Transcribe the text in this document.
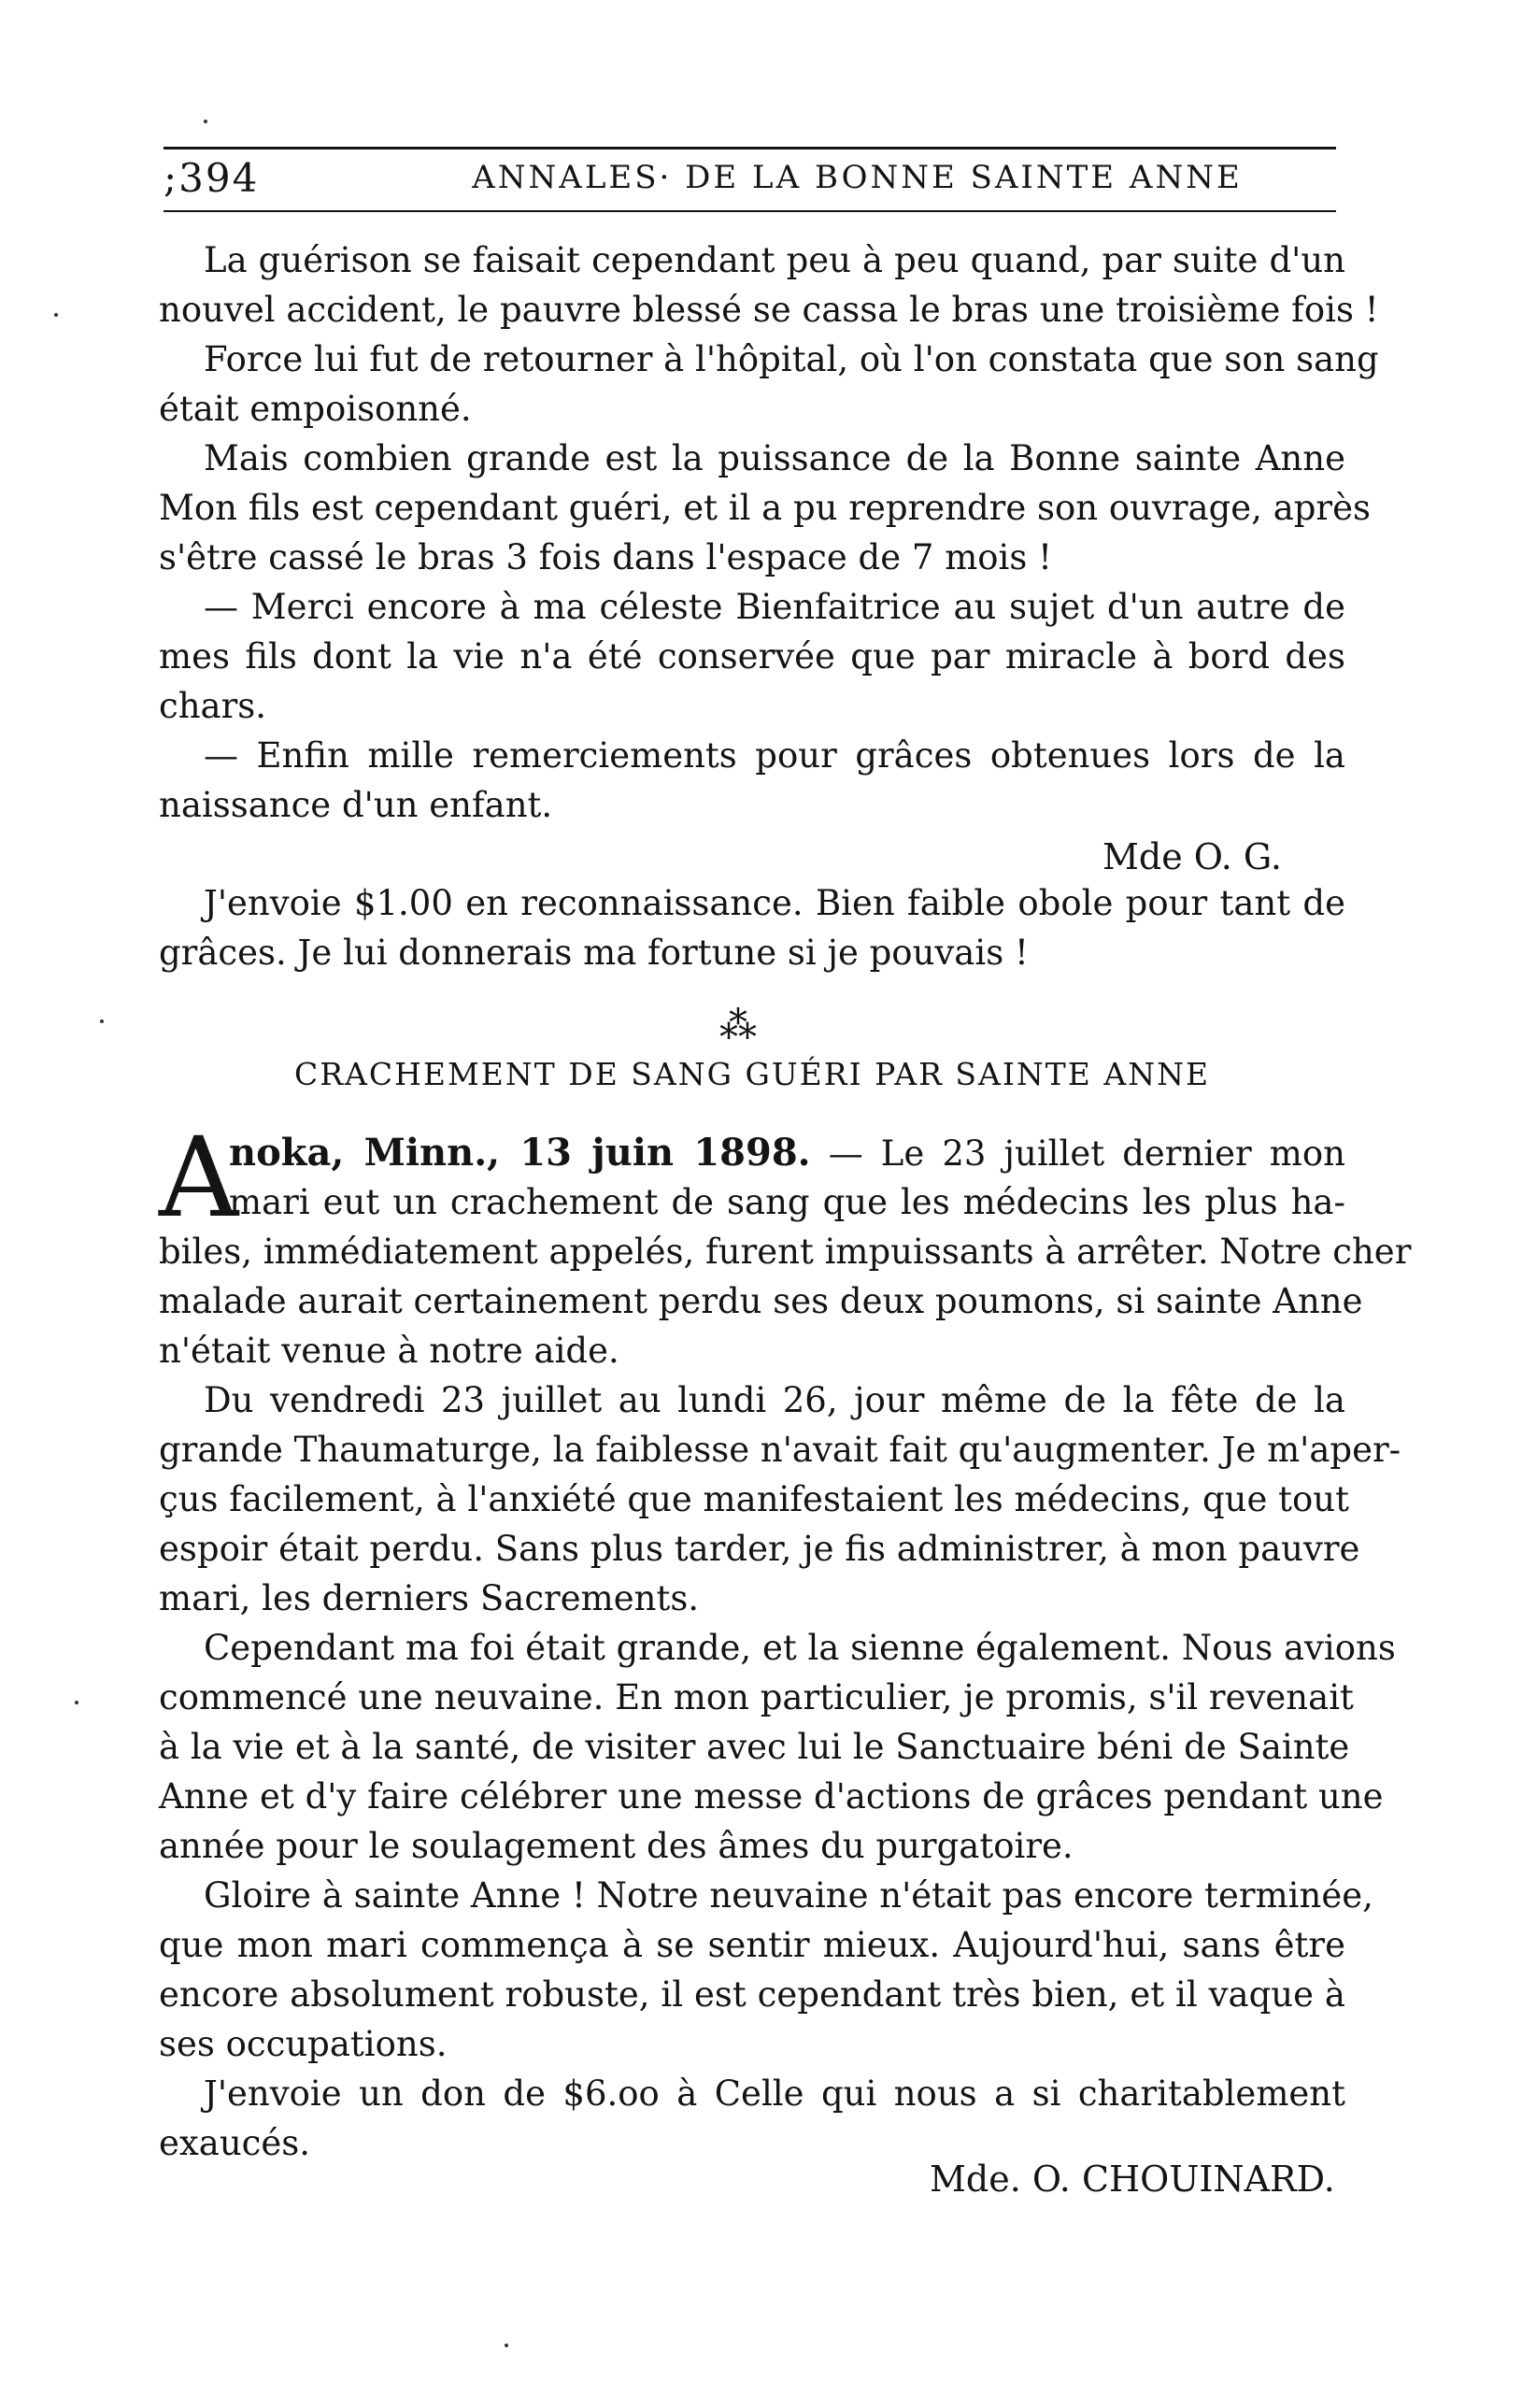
;394	ANNALES· DE LA BONNE SAINTE ANNE
La guérison se faisait cependant peu à peu quand, par suite d'un
nouvel accident, le pauvre blessé se cassa le bras une troisième fois !
Force lui fut de retourner à l'hôpital, où l'on constata que son sang
était empoisonné.
Mais combien grande est la puissance de la Bonne sainte Anne
Mon fils est cependant guéri, et il a pu reprendre son ouvrage, après
s'être cassé le bras 3 fois dans l'espace de 7 mois !
— Merci encore à ma céleste Bienfaitrice au sujet d'un autre de
mes fils dont la vie n'a été conservée que par miracle à bord des
chars.
— Enfin mille remerciements pour grâces obtenues lors de la
naissance d'un enfant.
Mde O. G.
J'envoie $1.00 en reconnaissance. Bien faible obole pour tant de
grâces. Je lui donnerais ma fortune si je pouvais !
⁂
CRACHEMENT DE SANG GUÉRI PAR SAINTE ANNE
A
noka, Minn., 13 juin 1898. — Le 23 juillet dernier mon
mari eut un crachement de sang que les médecins les plus ha-
biles, immédiatement appelés, furent impuissants à arrêter. Notre cher
malade aurait certainement perdu ses deux poumons, si sainte Anne
n'était venue à notre aide.
Du vendredi 23 juillet au lundi 26, jour même de la fête de la
grande Thaumaturge, la faiblesse n'avait fait qu'augmenter. Je m'aper-
çus facilement, à l'anxiété que manifestaient les médecins, que tout
espoir était perdu. Sans plus tarder, je fis administrer, à mon pauvre
mari, les derniers Sacrements.
Cependant ma foi était grande, et la sienne également. Nous avions
commencé une neuvaine. En mon particulier, je promis, s'il revenait
à la vie et à la santé, de visiter avec lui le Sanctuaire béni de Sainte
Anne et d'y faire célébrer une messe d'actions de grâces pendant une
année pour le soulagement des âmes du purgatoire.
Gloire à sainte Anne ! Notre neuvaine n'était pas encore terminée,
que mon mari commença à se sentir mieux. Aujourd'hui, sans être
encore absolument robuste, il est cependant très bien, et il vaque à
ses occupations.
J'envoie un don de $6.oo à Celle qui nous a si charitablement
exaucés.
Mde. O. CHOUINARD.
